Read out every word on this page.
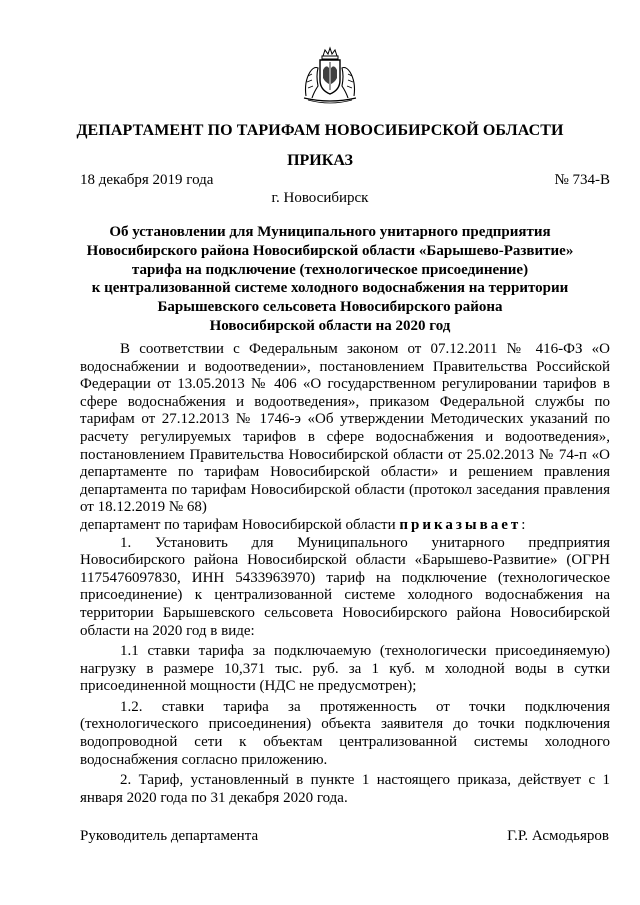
ДЕПАРТАМЕНТ ПО ТАРИФАМ НОВОСИБИРСКОЙ ОБЛАСТИ
ПРИКАЗ
18 декабря 2019 года	№ 734-В
г. Новосибирск
Об установлении для Муниципального унитарного предприятия
Новосибирского района Новосибирской области «Барышево-Развитие»
тарифа на подключение (технологическое присоединение)
к централизованной системе холодного водоснабжения на территории
Барышевского сельсовета Новосибирского района
Новосибирской области на 2020 год

В соответствии с Федеральным законом от 07.12.2011 № 416-ФЗ «О водоснабжении и водоотведении», постановлением Правительства Российской Федерации от 13.05.2013 № 406 «О государственном регулировании тарифов в сфере водоснабжения и водоотведения», приказом Федеральной службы по тарифам от 27.12.2013 № 1746-э «Об утверждении Методических указаний по расчету регулируемых тарифов в сфере водоснабжения и водоотведения», постановлением Правительства Новосибирской области от 25.02.2013 № 74-п «О департаменте по тарифам Новосибирской области» и решением правления департамента по тарифам Новосибирской области (протокол заседания правления от 18.12.2019 № 68)

департамент по тарифам Новосибирской области приказывает:

1. Установить для Муниципального унитарного предприятия Новосибирского района Новосибирской области «Барышево-Развитие» (ОГРН 1175476097830, ИНН 5433963970) тариф на подключение (технологическое присоединение) к централизованной системе холодного водоснабжения на территории Барышевского сельсовета Новосибирского района Новосибирской области на 2020 год в виде:

1.1 ставки тарифа за подключаемую (технологически присоединяемую) нагрузку в размере 10,371 тыс. руб. за 1 куб. м холодной воды в сутки присоединенной мощности (НДС не предусмотрен);

1.2. ставки тарифа за протяженность от точки подключения (технологического присоединения) объекта заявителя до точки подключения водопроводной сети к объектам централизованной системы холодного водоснабжения согласно приложению.

2. Тариф, установленный в пункте 1 настоящего приказа, действует с 1 января 2020 года по 31 декабря 2020 года.

Руководитель департамента	Г.Р. Асмодьяров
